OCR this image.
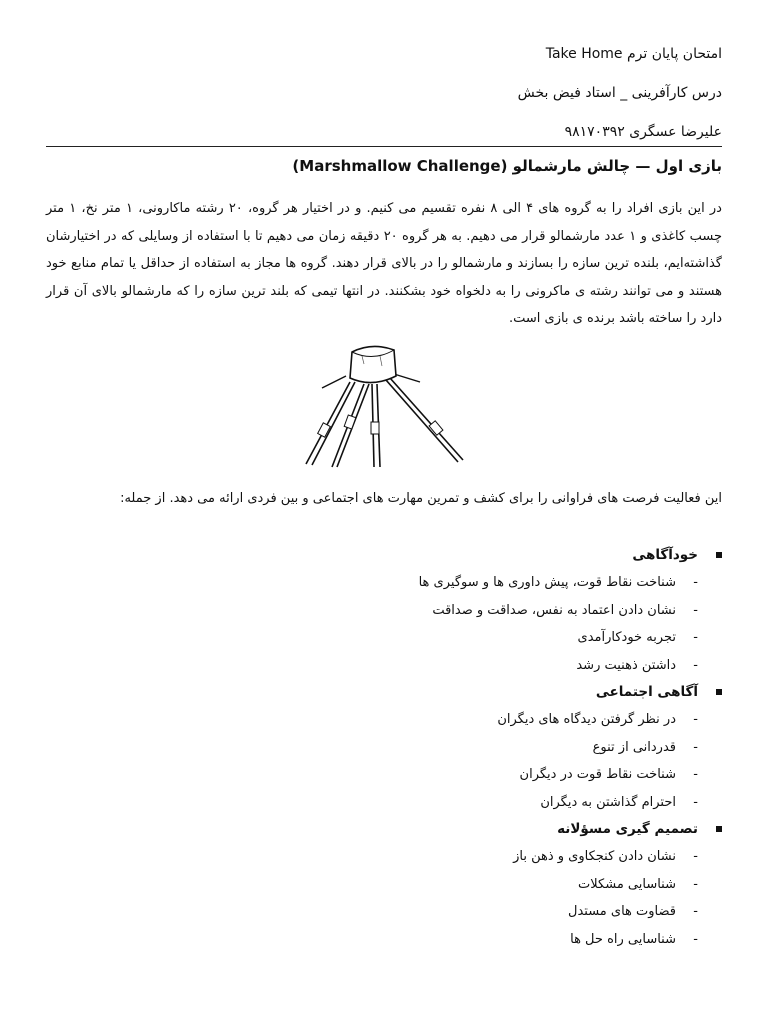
امتحان پایان ترم Take Home
درس کارآفرینی _ استاد فیض بخش
علیرضا عسگری ۹۸۱۷۰۳۹۲
بازی اول — چالش مارشمالو (Marshmallow Challenge)

در این بازی افراد را به گروه های ۴ الی ۸ نفره تقسیم می کنیم. و در اختیار هر گروه، ۲۰ رشته ماکارونی، ۱ متر نخ، ۱ متر چسب کاغذی و ۱ عدد مارشمالو قرار می دهیم. به هر گروه ۲۰ دقیقه زمان می دهیم تا با استفاده از وسایلی که در اختیارشان گذاشته‌ایم، بلنده ترین سازه را بسازند و مارشمالو را در بالای قرار دهند. گروه ها مجاز به استفاده از حداقل یا تمام منابع خود هستند و می توانند رشته ی ماکرونی را به دلخواه خود بشکنند. در انتها تیمی که بلند ترین سازه را که مارشمالو بالای آن قرار دارد را ساخته باشد برنده ی بازی است.

این فعالیت فرصت های فراوانی را برای کشف و تمرین مهارت های اجتماعی و بین فردی ارائه می دهد. از جمله:

خودآگاهی
-
شناخت نقاط قوت، پیش داوری ها و سوگیری ها
-
نشان دادن اعتماد به نفس، صداقت و صداقت
-
تجربه خودکارآمدی
-
داشتن ذهنیت رشد
آگاهی اجتماعی
-
در نظر گرفتن دیدگاه های دیگران
-
قدردانی از تنوع
-
شناخت نقاط قوت در دیگران
-
احترام گذاشتن به دیگران
تصمیم گیری مسؤلانه
-
نشان دادن کنجکاوی و ذهن باز
-
شناسایی مشکلات
-
قضاوت های مستدل
-
شناسایی راه حل ها
